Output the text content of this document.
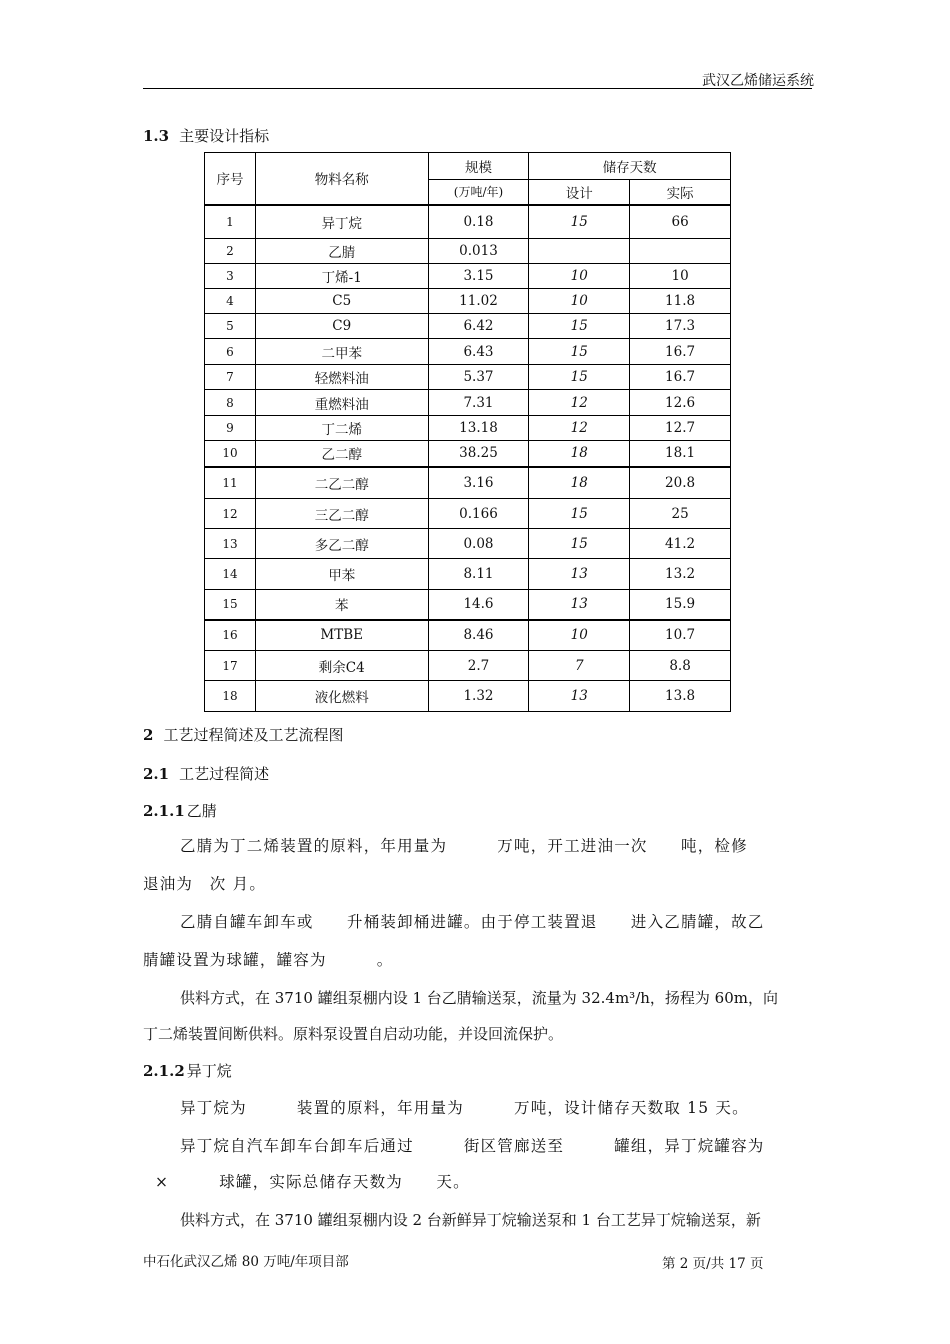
武汉乙烯储运系统
1.3 主要设计指标
序号	物料名称	规模	储存天数	
		(万吨/年)	设计	实际
1	异丁烷	0.18	15	66
2	乙腈	0.013		
3	丁烯-1	3.15	10	10
4	C5	11.02	10	11.8
5	C9	6.42	15	17.3
6	二甲苯	6.43	15	16.7
7	轻燃料油	5.37	15	16.7
8	重燃料油	7.31	12	12.6
9	丁二烯	13.18	12	12.7
10	乙二醇	38.25	18	18.1
11	二乙二醇	3.16	18	20.8
12	三乙二醇	0.166	15	25
13	多乙二醇	0.08	15	41.2
14	甲苯	8.11	13	13.2
15	苯	14.6	13	15.9
16	MTBE	8.46	10	10.7
17	剩余C4	2.7	7	8.8
18	液化燃料	1.32	13	13.8
2 工艺过程简述及工艺流程图
2.1 工艺过程简述
2.1.1 乙腈
乙腈为丁二烯装置的原料，年用量为　　　万吨，开工进油一次　　吨，检修
退油为　次 月。
乙腈自罐车卸车或　　升桶装卸桶进罐。由于停工装置退　　进入乙腈罐，故乙
腈罐设置为球罐，罐容为　　　。
供料方式，在 3710 罐组泵棚内设 1 台乙腈输送泵，流量为 32.4m³/h，扬程为 60m，向
丁二烯装置间断供料。原料泵设置自启动功能，并设回流保护。
2.1.2 异丁烷
异丁烷为　　　装置的原料，年用量为　　　万吨，设计储存天数取 15 天。
异丁烷自汽车卸车台卸车后通过　　　街区管廊送至　　　罐组，异丁烷罐容为
×　　　球罐，实际总储存天数为　　天。
供料方式，在 3710 罐组泵棚内设 2 台新鲜异丁烷输送泵和 1 台工艺异丁烷输送泵，新
中石化武汉乙烯 80 万吨/年项目部	第 2 页/共 17 页
